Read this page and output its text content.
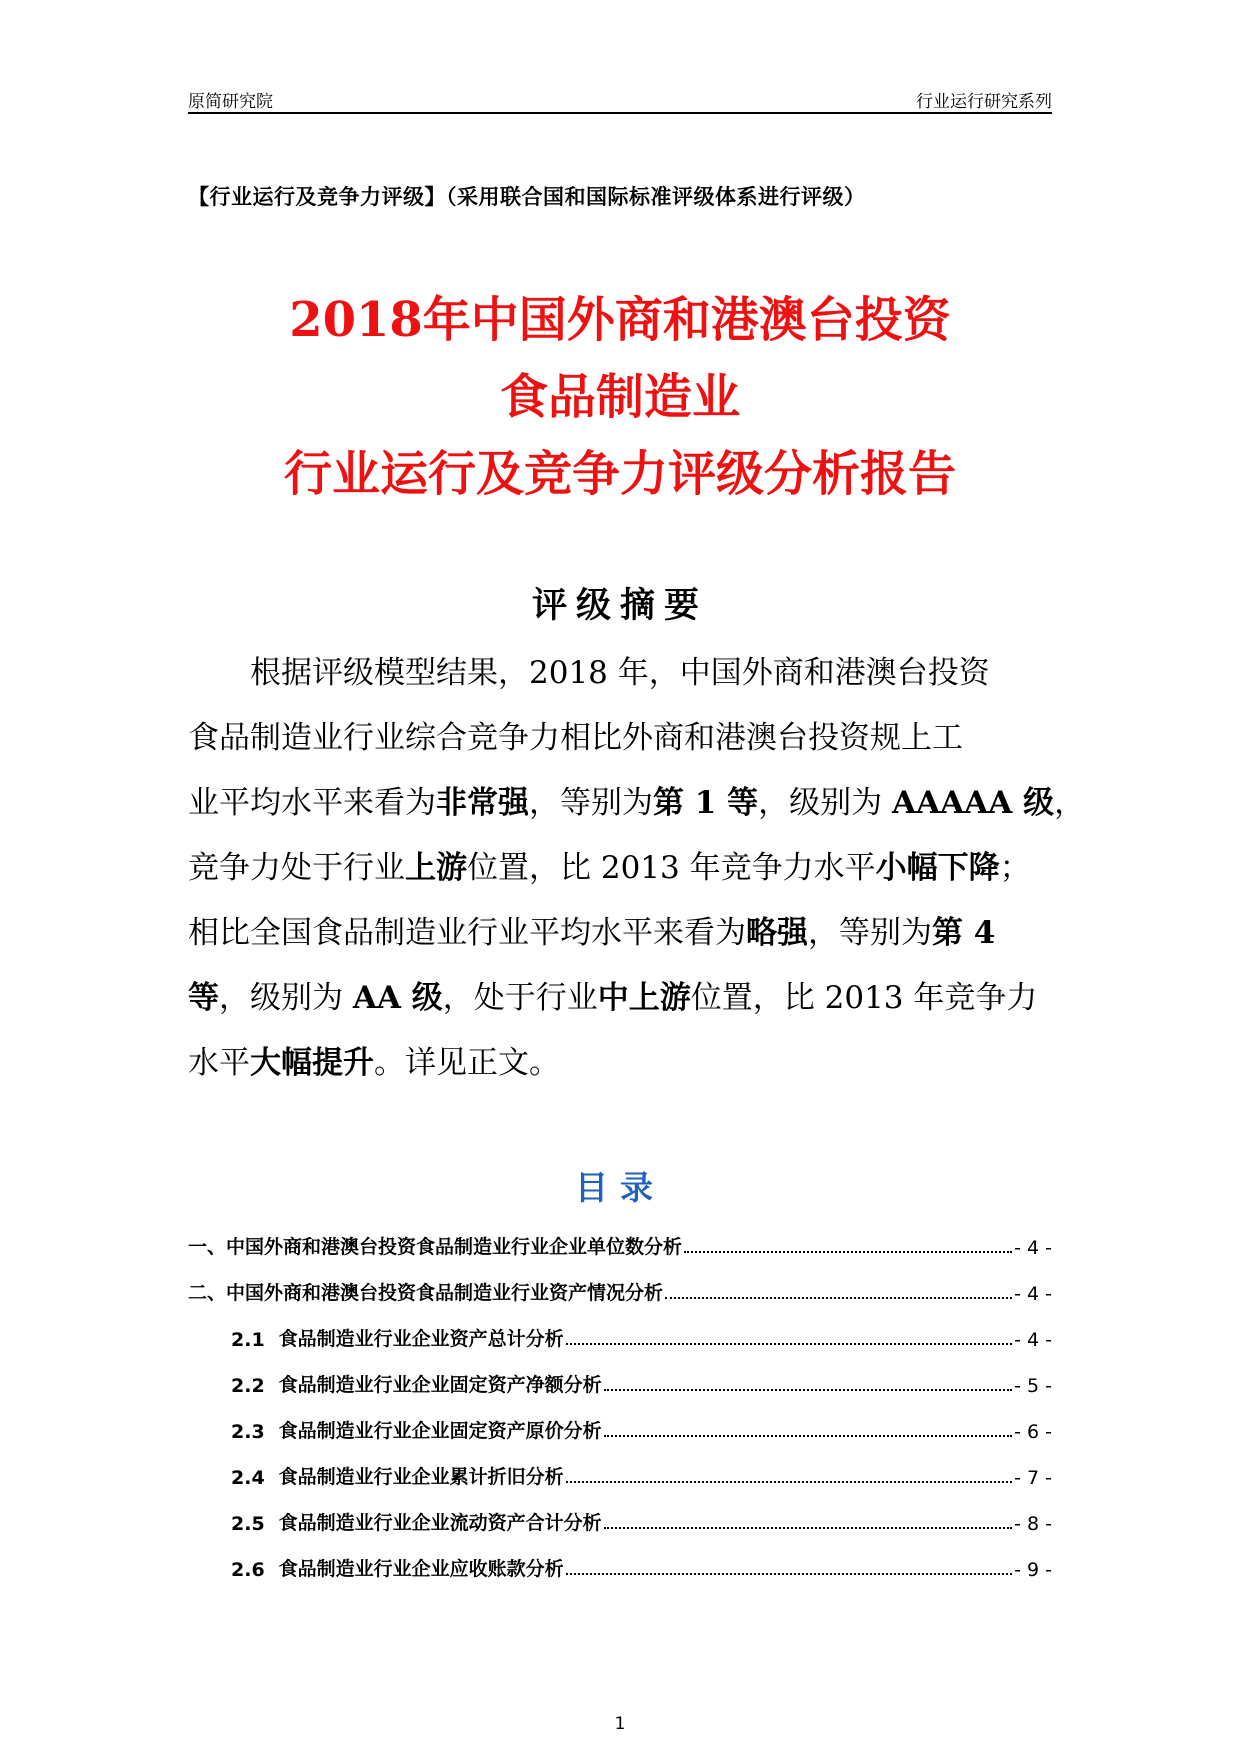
原简研究院	行业运行研究系列
【行业运行及竞争力评级】（采用联合国和国际标准评级体系进行评级）
2018年中国外商和港澳台投资
食品制造业
行业运行及竞争力评级分析报告
评级摘要
　　根据评级模型结果，2018 年，中国外商和港澳台投资
食品制造业行业综合竞争力相比外商和港澳台投资规上工
业平均水平来看为非常强，等别为第 1 等，级别为 AAAAA 级，
竞争力处于行业上游位置，比 2013 年竞争力水平小幅下降；
相比全国食品制造业行业平均水平来看为略强，等别为第 4
等，级别为 AA 级，处于行业中上游位置，比 2013 年竞争力
水平大幅提升。详见正文。
目录
一、 中国外商和港澳台投资食品制造业行业企业单位数分析	- 4 -
二、 中国外商和港澳台投资食品制造业行业资产情况分析	- 4 -
2.1 食品制造业行业企业资产总计分析	- 4 -
2.2 食品制造业行业企业固定资产净额分析	- 5 -
2.3 食品制造业行业企业固定资产原价分析	- 6 -
2.4 食品制造业行业企业累计折旧分析	- 7 -
2.5 食品制造业行业企业流动资产合计分析	- 8 -
2.6 食品制造业行业企业应收账款分析	- 9 -
1
